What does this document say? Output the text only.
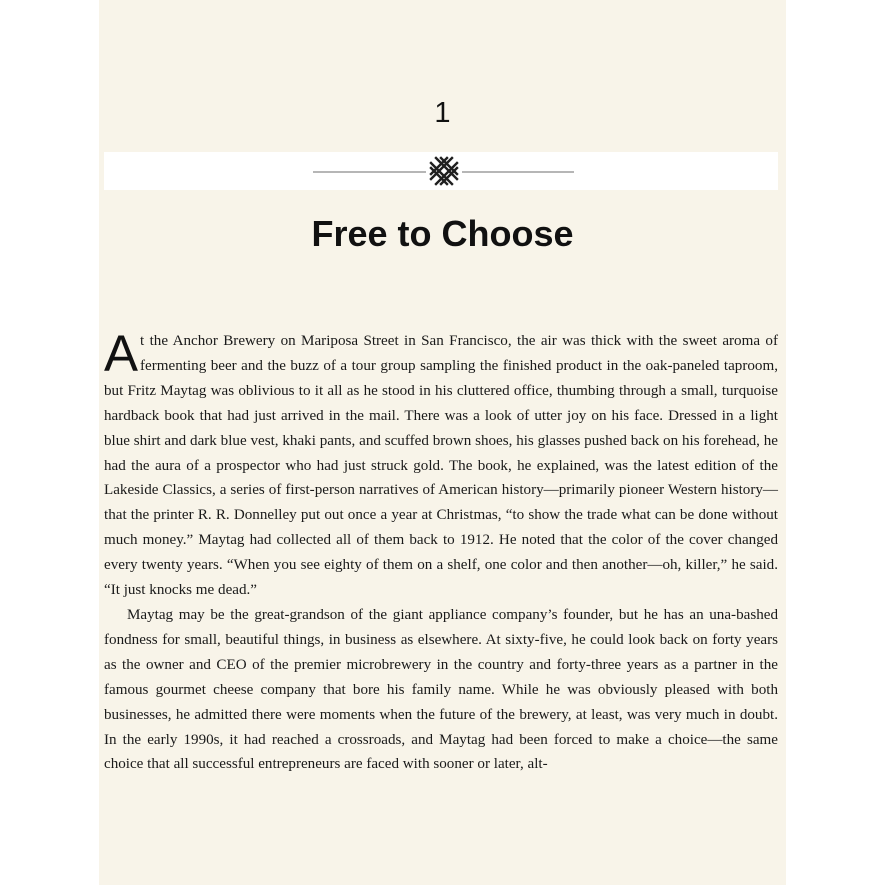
1
Free to Choose

At the Anchor Brewery on Mariposa Street in San Francisco, the air was thick with the sweet aroma of fermenting beer and the buzz of a tour group sampling the finished product in the oak-paneled taproom, but Fritz Maytag was oblivious to it all as he stood in his cluttered office, thumbing through a small, turquoise hardback book that had just arrived in the mail. There was a look of utter joy on his face. Dressed in a light blue shirt and dark blue vest, khaki pants, and scuffed brown shoes, his glasses pushed back on his forehead, he had the aura of a prospector who had just struck gold. The book, he explained, was the latest edition of the Lakeside Classics, a series of first-person narratives of American history—primarily pioneer Western history—that the printer R. R. Donnelley put out once a year at Christmas, “to show the trade what can be done without much money.” Maytag had collected all of them back to 1912. He noted that the color of the cover changed every twenty years. “When you see eighty of them on a shelf, one color and then another—oh, killer,” he said. “It just knocks me dead.”

Maytag may be the great-grandson of the giant appliance company’s founder, but he has an una-bashed fondness for small, beautiful things, in business as elsewhere. At sixty-five, he could look back on forty years as the owner and CEO of the premier microbrewery in the country and forty-three years as a partner in the famous gourmet cheese company that bore his family name. While he was obviously pleased with both businesses, he admitted there were moments when the future of the brewery, at least, was very much in doubt. In the early 1990s, it had reached a crossroads, and Maytag had been forced to make a choice—the same choice that all successful entrepreneurs are faced with sooner or later, alt-
